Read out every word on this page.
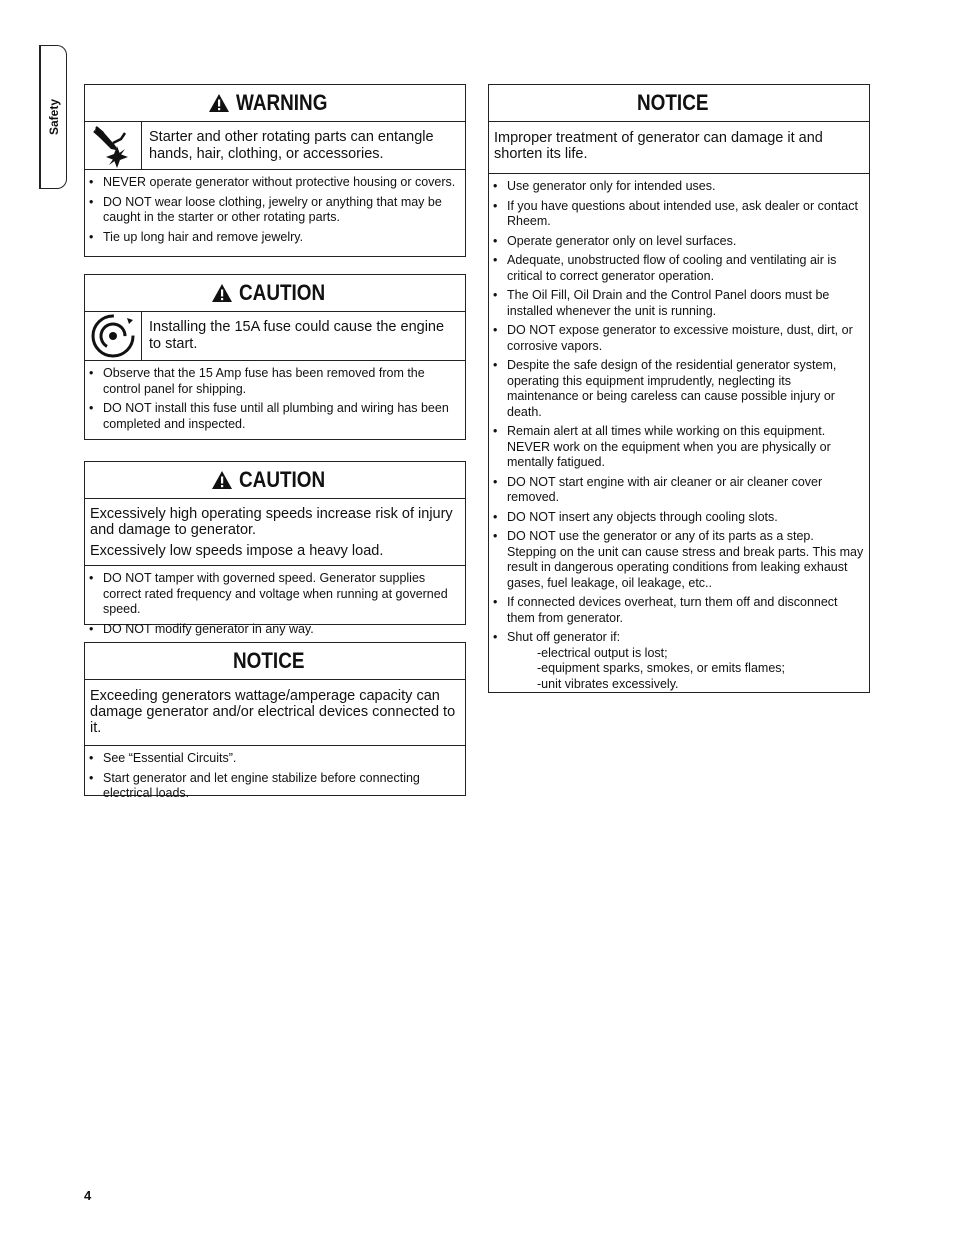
Safety	WARNING
Starter and other rotating parts can entangle hands, hair, clothing, or accessories.
• NEVER operate generator without protective housing or covers.
• DO NOT wear loose clothing, jewelry or anything that may be caught in the starter or other rotating parts.
• Tie up long hair and remove jewelry.
CAUTION
Installing the 15A fuse could cause the engine to start.
• Observe that the 15 Amp fuse has been removed from the control panel for shipping.
• DO NOT install this fuse until all plumbing and wiring has been completed and inspected.
CAUTION

Excessively high operating speeds increase risk of injury and damage to generator.

Excessively low speeds impose a heavy load.

• DO NOT tamper with governed speed. Generator supplies correct rated frequency and voltage when running at governed speed.
• DO NOT modify generator in any way.
NOTICE

Exceeding generators wattage/amperage capacity can damage generator and/or electrical devices connected to it.

• See “Essential Circuits”.
• Start generator and let engine stabilize before connecting electrical loads.
NOTICE

Improper treatment of generator can damage it and shorten its life.

• Use generator only for intended uses.
• If you have questions about intended use, ask dealer or contact Rheem.
• Operate generator only on level surfaces.
• Adequate, unobstructed flow of cooling and ventilating air is critical to correct generator operation.
• The Oil Fill, Oil Drain and the Control Panel doors must be installed whenever the unit is running.
• DO NOT expose generator to excessive moisture, dust, dirt, or corrosive vapors.
• Despite the safe design of the residential generator system, operating this equipment imprudently, neglecting its maintenance or being careless can cause possible injury or death.
• Remain alert at all times while working on this equipment. NEVER work on the equipment when you are physically or mentally fatigued.
• DO NOT start engine with air cleaner or air cleaner cover removed.
• DO NOT insert any objects through cooling slots.
• DO NOT use the generator or any of its parts as a step. Stepping on the unit can cause stress and break parts. This may result in dangerous operating conditions from leaking exhaust gases, fuel leakage, oil leakage, etc..
• If connected devices overheat, turn them off and disconnect them from generator.
• Shut off generator if:
-electrical output is lost;
-equipment sparks, smokes, or emits flames;
-unit vibrates excessively.
4
